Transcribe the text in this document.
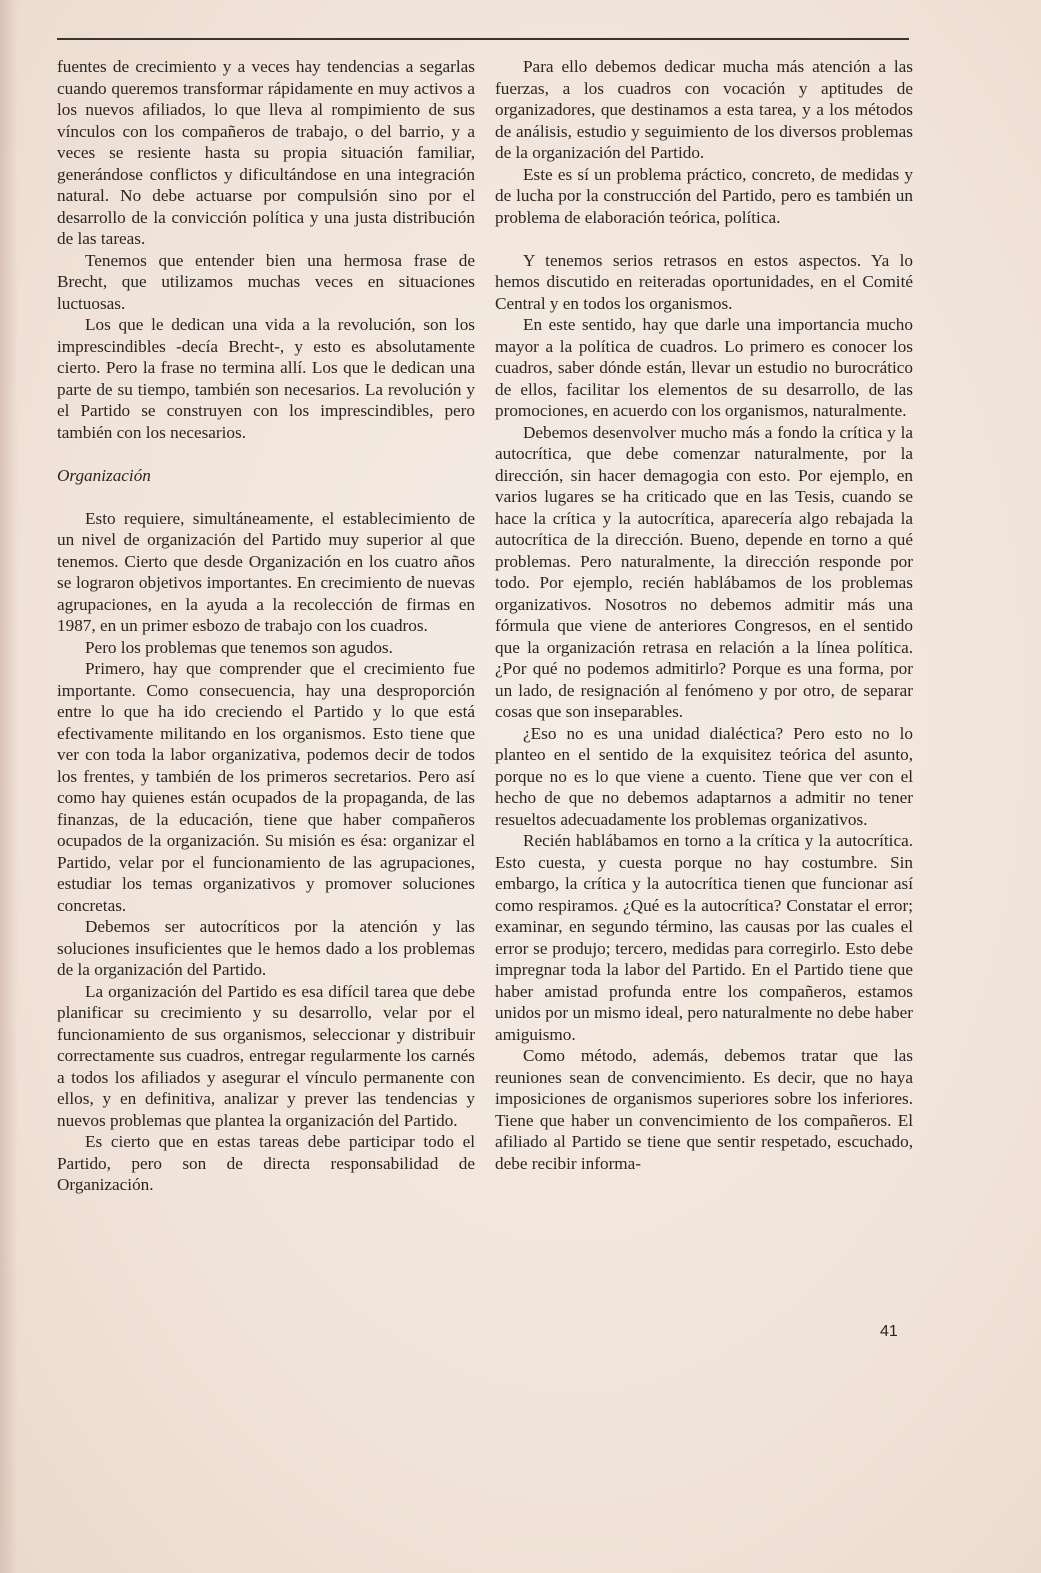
fuentes de crecimiento y a veces hay tendencias a segarlas cuando queremos transformar rápidamente en muy activos a los nuevos afiliados, lo que lleva al rompimiento de sus vínculos con los compañeros de trabajo, o del barrio, y a veces se resiente hasta su propia situación familiar, generándose conflictos y dificultándose en una integración natural. No debe actuarse por compulsión sino por el desarrollo de la convicción política y una justa distribución de las tareas.

Tenemos que entender bien una hermosa frase de Brecht, que utilizamos muchas veces en situaciones luctuosas.

Los que le dedican una vida a la revolución, son los imprescindibles -decía Brecht-, y esto es absolutamente cierto. Pero la frase no termina allí. Los que le dedican una parte de su tiempo, también son necesarios. La revolución y el Partido se construyen con los imprescindibles, pero también con los necesarios.

Organización

Esto requiere, simultáneamente, el establecimiento de un nivel de organización del Partido muy superior al que tenemos. Cierto que desde Organización en los cuatro años se lograron objetivos importantes. En crecimiento de nuevas agrupaciones, en la ayuda a la recolección de firmas en 1987, en un primer esbozo de trabajo con los cuadros.

Pero los problemas que tenemos son agudos.

Primero, hay que comprender que el crecimiento fue importante. Como consecuencia, hay una desproporción entre lo que ha ido creciendo el Partido y lo que está efectivamente militando en los organismos. Esto tiene que ver con toda la labor organizativa, podemos decir de todos los frentes, y también de los primeros secretarios. Pero así como hay quienes están ocupados de la propaganda, de las finanzas, de la educación, tiene que haber compañeros ocupados de la organización. Su misión es ésa: organizar el Partido, velar por el funcionamiento de las agrupaciones, estudiar los temas organizativos y promover soluciones concretas.

Debemos ser autocríticos por la atención y las soluciones insuficientes que le hemos dado a los problemas de la organización del Partido.

La organización del Partido es esa difícil tarea que debe planificar su crecimiento y su desarrollo, velar por el funcionamiento de sus organismos, seleccionar y distribuir correctamente sus cuadros, entregar regularmente los carnés a todos los afiliados y asegurar el vínculo permanente con ellos, y en definitiva, analizar y prever las tendencias y nuevos problemas que plantea la organización del Partido.

Es cierto que en estas tareas debe participar todo el Partido, pero son de directa responsabilidad de Organización.

Para ello debemos dedicar mucha más atención a las fuerzas, a los cuadros con vocación y aptitudes de organizadores, que destinamos a esta tarea, y a los métodos de análisis, estudio y seguimiento de los diversos problemas de la organización del Partido.

Este es sí un problema práctico, concreto, de medidas y de lucha por la construcción del Partido, pero es también un problema de elaboración teórica, política.

Y tenemos serios retrasos en estos aspectos. Ya lo hemos discutido en reiteradas oportunidades, en el Comité Central y en todos los organismos.

En este sentido, hay que darle una importancia mucho mayor a la política de cuadros. Lo primero es conocer los cuadros, saber dónde están, llevar un estudio no burocrático de ellos, facilitar los elementos de su desarrollo, de las promociones, en acuerdo con los organismos, naturalmente.

Debemos desenvolver mucho más a fondo la crítica y la autocrítica, que debe comenzar naturalmente, por la dirección, sin hacer demagogia con esto. Por ejemplo, en varios lugares se ha criticado que en las Tesis, cuando se hace la crítica y la autocrítica, aparecería algo rebajada la autocrítica de la dirección. Bueno, depende en torno a qué problemas. Pero naturalmente, la dirección responde por todo. Por ejemplo, recién hablábamos de los problemas organizativos. Nosotros no debemos admitir más una fórmula que viene de anteriores Congresos, en el sentido que la organización retrasa en relación a la línea política. ¿Por qué no podemos admitirlo? Porque es una forma, por un lado, de resignación al fenómeno y por otro, de separar cosas que son inseparables.

¿Eso no es una unidad dialéctica? Pero esto no lo planteo en el sentido de la exquisitez teórica del asunto, porque no es lo que viene a cuento. Tiene que ver con el hecho de que no debemos adaptarnos a admitir no tener resueltos adecuadamente los problemas organizativos.

Recién hablábamos en torno a la crítica y la autocrítica. Esto cuesta, y cuesta porque no hay costumbre. Sin embargo, la crítica y la autocrítica tienen que funcionar así como respiramos. ¿Qué es la autocrítica? Constatar el error; examinar, en segundo término, las causas por las cuales el error se produjo; tercero, medidas para corregirlo. Esto debe impregnar toda la labor del Partido. En el Partido tiene que haber amistad profunda entre los compañeros, estamos unidos por un mismo ideal, pero naturalmente no debe haber amiguismo.

Como método, además, debemos tratar que las reuniones sean de convencimiento. Es decir, que no haya imposiciones de organismos superiores sobre los inferiores. Tiene que haber un convencimiento de los compañeros. El afiliado al Partido se tiene que sentir respetado, escuchado, debe recibir informa-

41
